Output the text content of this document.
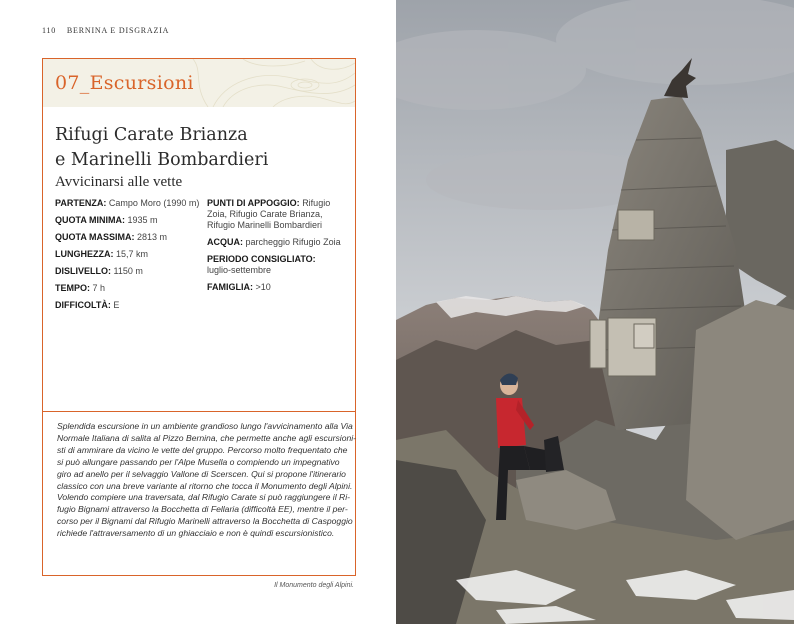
110 BERNINA E DISGRAZIA
07_Escursioni
Rifugi Carate Brianza
e Marinelli Bombardieri
Avvicinarsi alle vette
PARTENZA: Campo Moro (1990 m)
QUOTA MINIMA: 1935 m
QUOTA MASSIMA: 2813 m
LUNGHEZZA: 15,7 km
DISLIVELLO: 1150 m
TEMPO: 7 h
DIFFICOLTÀ: E
PUNTI DI APPOGGIO: Rifugio Zoia, Rifugio Carate Brianza, Rifugio Marinelli Bombardieri
ACQUA: parcheggio Rifugio Zoia
PERIODO CONSIGLIATO:
luglio-settembre
FAMIGLIA: >10

Splendida escursione in un ambiente grandioso lungo l'avvicinamento alla Via
Normale Italiana di salita al Pizzo Bernina, che permette anche agli escursioni-
sti di ammirare da vicino le vette del gruppo. Percorso molto frequentato che
si può allungare passando per l'Alpe Musella o compiendo un impegnativo
giro ad anello per il selvaggio Vallone di Scerscen. Qui si propone l'itinerario
classico con una breve variante al ritorno che tocca il Monumento degli Alpini.
Volendo compiere una traversata, dal Rifugio Carate si può raggiungere il Ri-
fugio Bignami attraverso la Bocchetta di Fellaria (difficoltà EE), mentre il per-
corso per il Bignami dal Rifugio Marinelli attraverso la Bocchetta di Caspoggio
richiede l'attraversamento di un ghiacciaio e non è quindi escursionistico.

Il Monumento degli Alpini.
